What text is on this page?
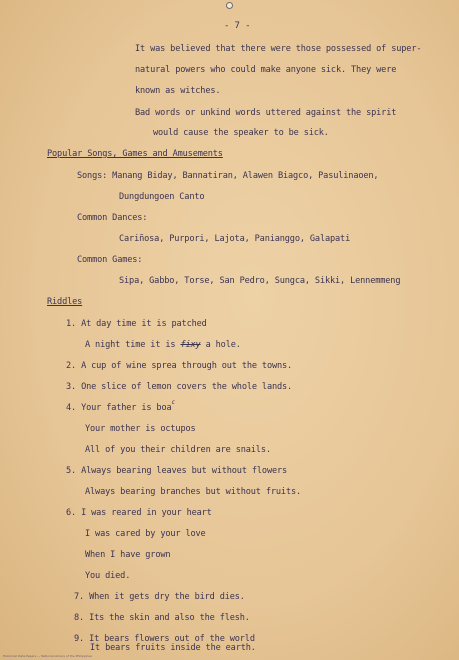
- 7 -
It was believed that there were those possessed of super-
natural powers who could make anyone sick. They were
known as witches.
Bad words or unkind words uttered against the spirit
would cause the speaker to be sick.
Popular Songs, Games and Amusements
Songs: Manang Biday, Bannatiran, Alawen Biagco, Pasulinaoen,
Dungdungoen Canto
Common Dances:
Cariñosa, Purpori, Lajota, Panianggo, Galapati
Common Games:
Sipa, Gabbo, Torse, San Pedro, Sungca, Sikki, Lennemmeng
Riddles
1. At day time it is patched
A night time it is fixy a hole.
2. A cup of wine sprea through out the towns.
3. One slice of lemon covers the whole lands.
4. Your father is boa$^c$
Your mother is octupos
All of you their children are snails.
5. Always bearing leaves but without flowers
Always bearing branches but without fruits.
6. I was reared in your heart
I was cared by your love
When I have grown
You died.
7. When it gets dry the bird dies.
8. Its the skin and also the flesh.
9. It bears flowers out of the world
It bears fruits inside the earth.
Historical Data Papers — National Library of the Philippines
